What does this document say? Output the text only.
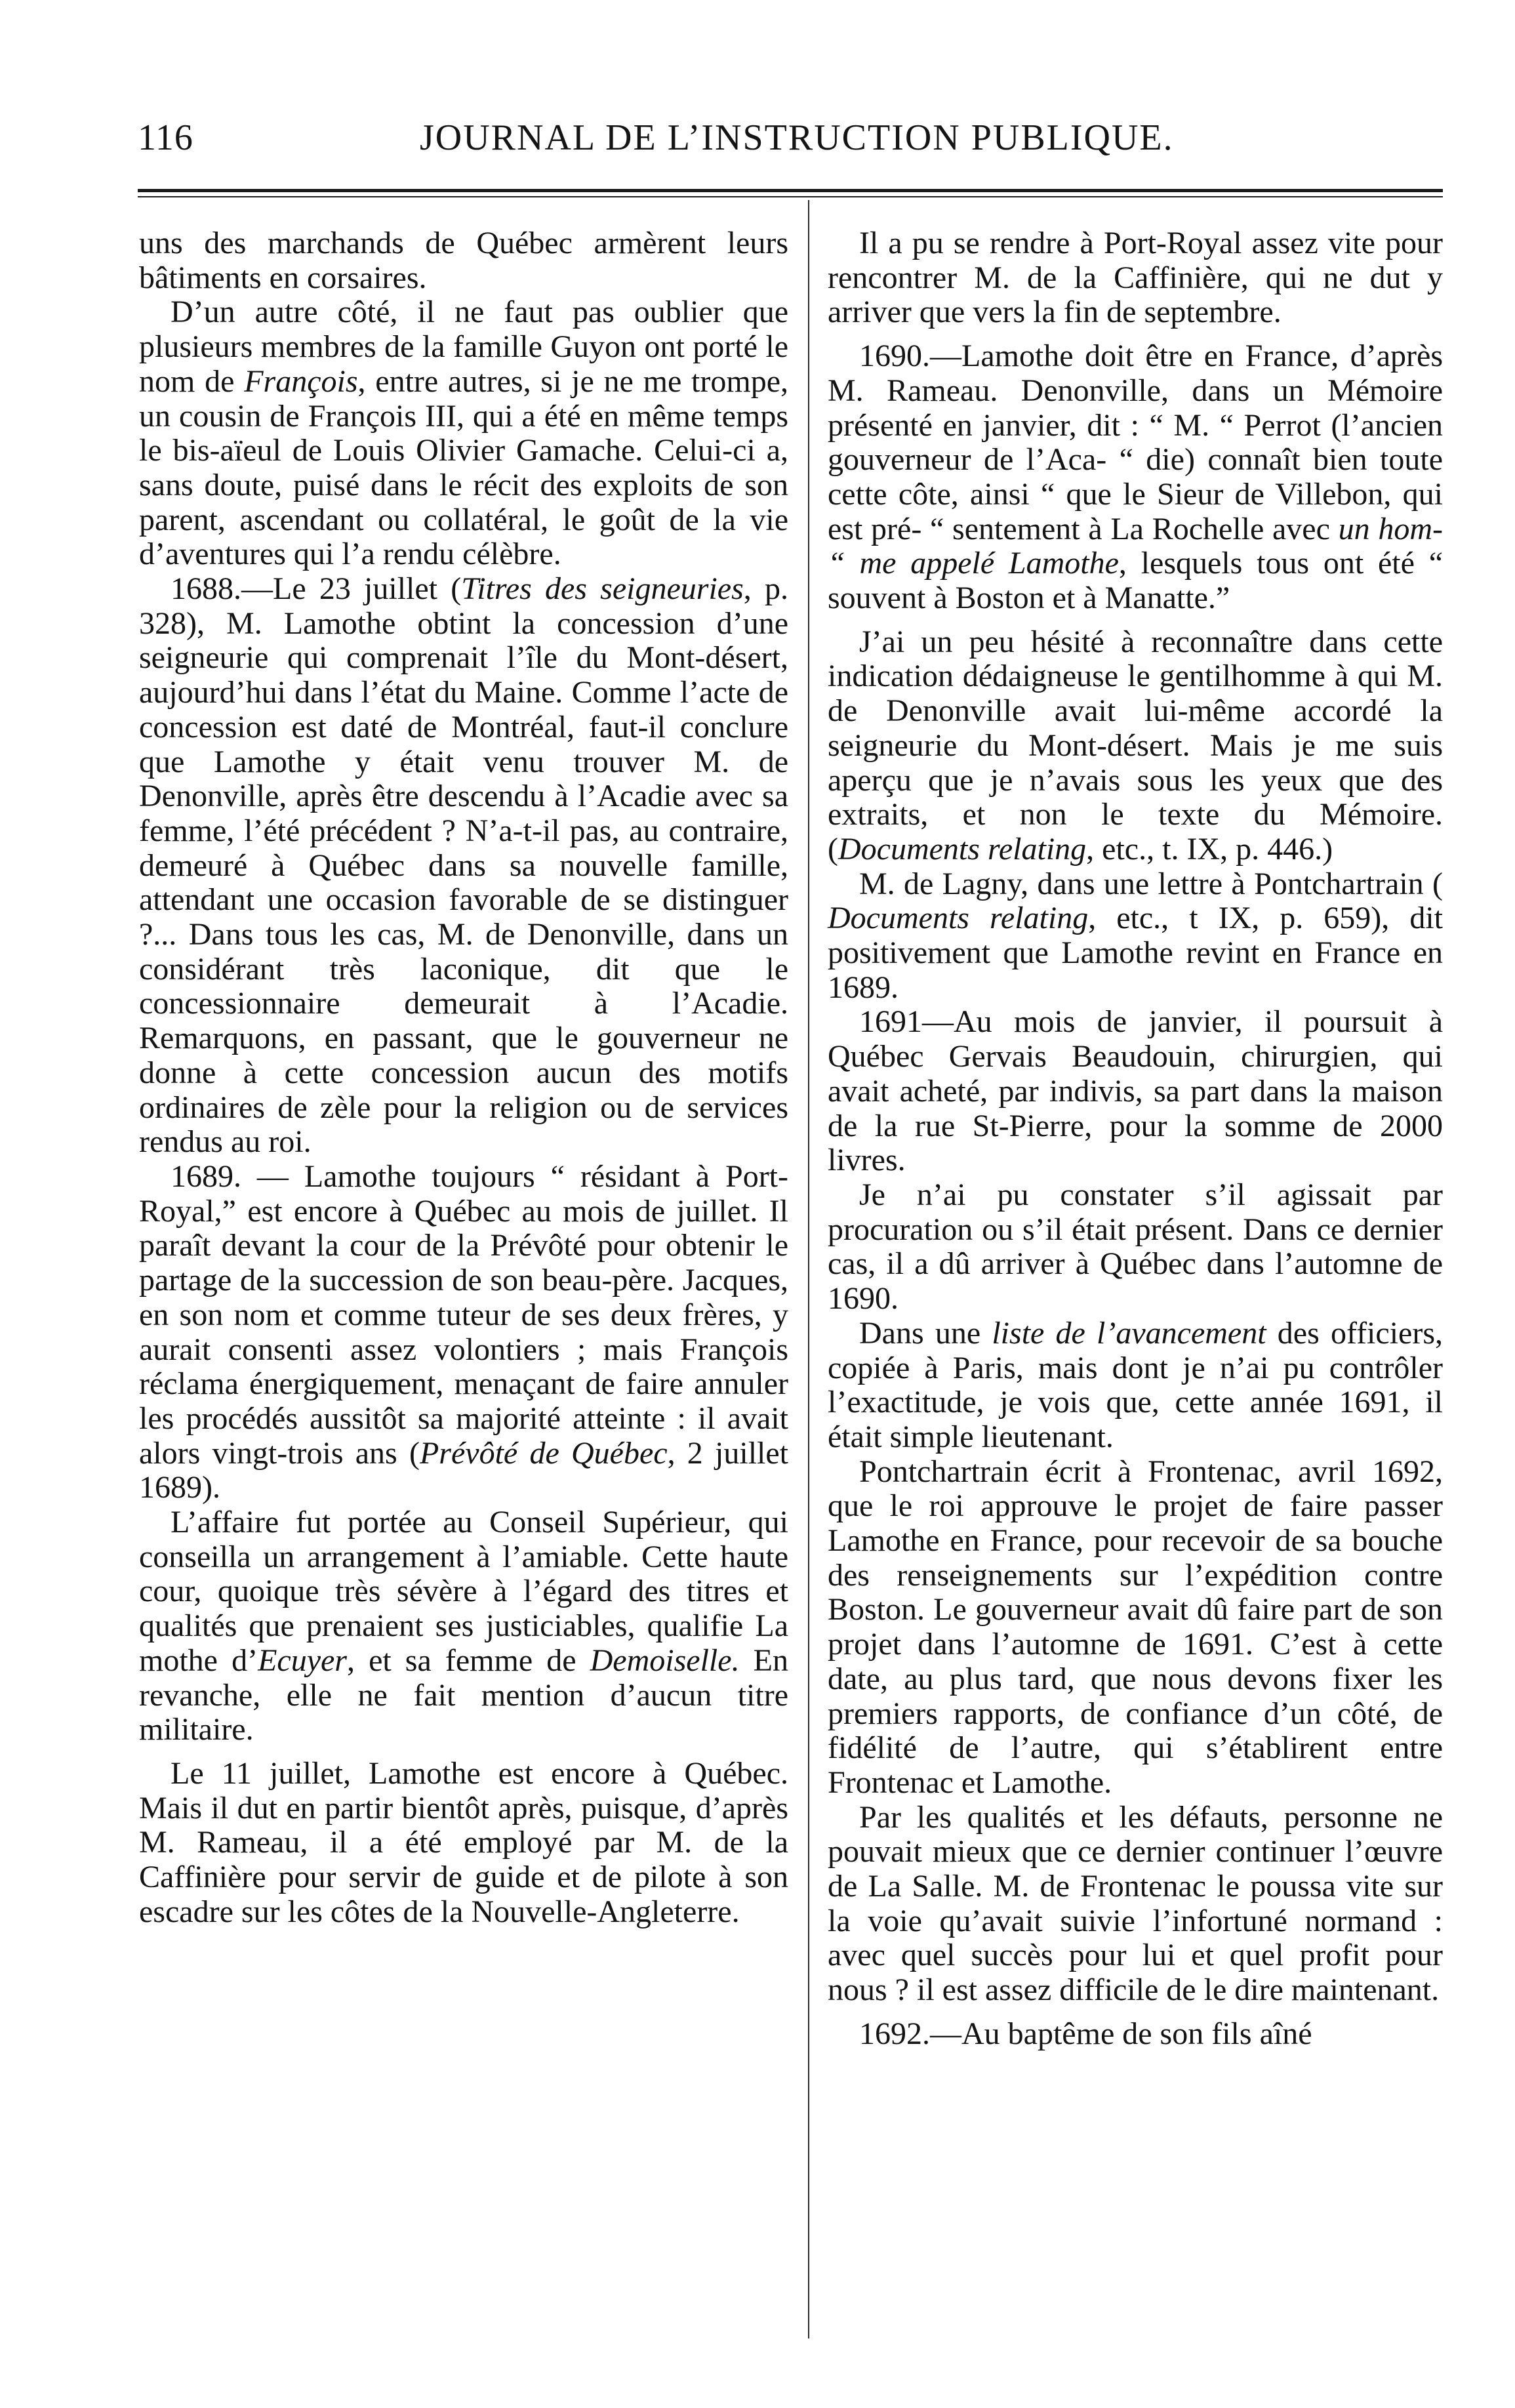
116	JOURNAL DE L’INSTRUCTION PUBLIQUE.

uns des marchands de Québec armèrent leurs bâtiments en corsaires.

D’un autre côté, il ne faut pas oublier que plusieurs membres de la famille Guyon ont porté le nom de François, entre autres, si je ne me trompe, un cousin de François III, qui a été en même temps le bis-aïeul de Louis Olivier Gamache. Celui-ci a, sans doute, puisé dans le récit des exploits de son parent, ascendant ou collatéral, le goût de la vie d’aventures qui l’a rendu célèbre.

1688.—Le 23 juillet (Titres des seigneuries, p. 328), M. Lamothe obtint la concession d’une seigneurie qui comprenait l’île du Mont-désert, aujourd’hui dans l’état du Maine. Comme l’acte de concession est daté de Montréal, faut-il conclure que Lamothe y était venu trouver M. de Denonville, après être descendu à l’Acadie avec sa femme, l’été précédent ? N’a-t-il pas, au contraire, demeuré à Québec dans sa nouvelle famille, attendant une occasion favorable de se distinguer ?... Dans tous les cas, M. de Denonville, dans un considérant très laconique, dit que le concessionnaire demeurait à l’Acadie. Remarquons, en passant, que le gouverneur ne donne à cette concession aucun des motifs ordinaires de zèle pour la religion ou de services rendus au roi.

1689. — Lamothe toujours “ résidant à Port-Royal,” est encore à Québec au mois de juillet. Il paraît devant la cour de la Prévôté pour obtenir le partage de la succession de son beau-père. Jacques, en son nom et comme tuteur de ses deux frères, y aurait consenti assez volontiers ; mais François réclama énergiquement, menaçant de faire annuler les procédés aussitôt sa majorité atteinte : il avait alors vingt-trois ans (Prévôté de Québec, 2 juillet 1689).

L’affaire fut portée au Conseil Supérieur, qui conseilla un arrangement à l’amiable. Cette haute cour, quoique très sévère à l’égard des titres et qualités que prenaient ses justiciables, qualifie La mothe d’Ecuyer, et sa femme de Demoiselle. En revanche, elle ne fait mention d’aucun titre militaire.

Le 11 juillet, Lamothe est encore à Québec. Mais il dut en partir bientôt après, puisque, d’après M. Rameau, il a été employé par M. de la Caffinière pour servir de guide et de pilote à son escadre sur les côtes de la Nouvelle-Angleterre.

Il a pu se rendre à Port-Royal assez vite pour rencontrer M. de la Caffinière, qui ne dut y arriver que vers la fin de septembre.

1690.—Lamothe doit être en France, d’après M. Rameau. Denonville, dans un Mémoire présenté en janvier, dit : “ M. “ Perrot (l’ancien gouverneur de l’Aca- “ die) connaît bien toute cette côte, ainsi “ que le Sieur de Villebon, qui est pré- “ sentement à La Rochelle avec un hom- “ me appelé Lamothe, lesquels tous ont été “ souvent à Boston et à Manatte.”

J’ai un peu hésité à reconnaître dans cette indication dédaigneuse le gentilhomme à qui M. de Denonville avait lui-même accordé la seigneurie du Mont-désert. Mais je me suis aperçu que je n’avais sous les yeux que des extraits, et non le texte du Mémoire. (Documents relating, etc., t. IX, p. 446.)

M. de Lagny, dans une lettre à Pontchartrain ( Documents relating, etc., t IX, p. 659), dit positivement que Lamothe revint en France en 1689.

1691—Au mois de janvier, il poursuit à Québec Gervais Beaudouin, chirurgien, qui avait acheté, par indivis, sa part dans la maison de la rue St-Pierre, pour la somme de 2000 livres.

Je n’ai pu constater s’il agissait par procuration ou s’il était présent. Dans ce dernier cas, il a dû arriver à Québec dans l’automne de 1690.

Dans une liste de l’avancement des officiers, copiée à Paris, mais dont je n’ai pu contrôler l’exactitude, je vois que, cette année 1691, il était simple lieutenant.

Pontchartrain écrit à Frontenac, avril 1692, que le roi approuve le projet de faire passer Lamothe en France, pour recevoir de sa bouche des renseignements sur l’expédition contre Boston. Le gouverneur avait dû faire part de son projet dans l’automne de 1691. C’est à cette date, au plus tard, que nous devons fixer les premiers rapports, de confiance d’un côté, de fidélité de l’autre, qui s’établirent entre Frontenac et Lamothe.

Par les qualités et les défauts, personne ne pouvait mieux que ce dernier continuer l’œuvre de La Salle. M. de Frontenac le poussa vite sur la voie qu’avait suivie l’infortuné normand : avec quel succès pour lui et quel profit pour nous ? il est assez difficile de le dire maintenant.

1692.—Au baptême de son fils aîné
